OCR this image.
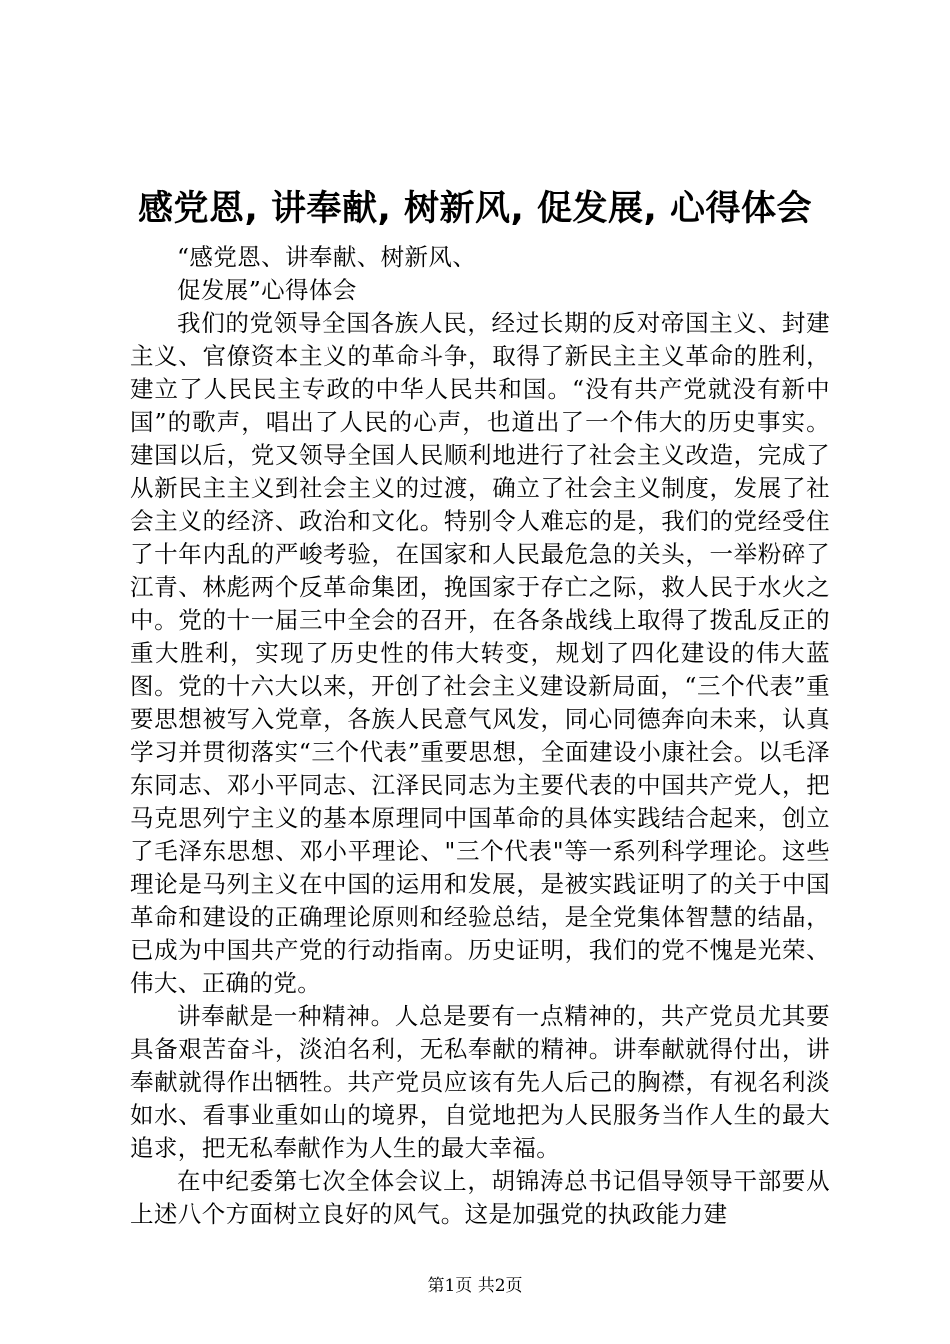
感党恩, 讲奉献, 树新风, 促发展, 心得体会
“感党恩、讲奉献、树新风、
促发展”心得体会

我们的党领导全国各族人民，经过长期的反对帝国主义、封建主义、官僚资本主义的革命斗争，取得了新民主主义革命的胜利，建立了人民民主专政的中华人民共和国。“没有共产党就没有新中国”的歌声，唱出了人民的心声，也道出了一个伟大的历史事实。建国以后，党又领导全国人民顺利地进行了社会主义改造，完成了从新民主主义到社会主义的过渡，确立了社会主义制度，发展了社会主义的经济、政治和文化。特别令人难忘的是，我们的党经受住了十年内乱的严峻考验，在国家和人民最危急的关头，一举粉碎了江青、林彪两个反革命集团，挽国家于存亡之际，救人民于水火之中。党的十一届三中全会的召开，在各条战线上取得了拨乱反正的重大胜利，实现了历史性的伟大转变，规划了四化建设的伟大蓝图。党的十六大以来，开创了社会主义建设新局面，“三个代表”重要思想被写入党章，各族人民意气风发，同心同德奔向未来，认真学习并贯彻落实“三个代表”重要思想，全面建设小康社会。以毛泽东同志、邓小平同志、江泽民同志为主要代表的中国共产党人，把马克思列宁主义的基本原理同中国革命的具体实践结合起来，创立了毛泽东思想、邓小平理论、"三个代表"等一系列科学理论。这些理论是马列主义在中国的运用和发展，是被实践证明了的关于中国革命和建设的正确理论原则和经验总结，是全党集体智慧的结晶，已成为中国共产党的行动指南。历史证明，我们的党不愧是光荣、伟大、正确的党。

讲奉献是一种精神。人总是要有一点精神的，共产党员尤其要具备艰苦奋斗，淡泊名利，无私奉献的精神。讲奉献就得付出，讲奉献就得作出牺牲。共产党员应该有先人后己的胸襟，有视名利淡如水、看事业重如山的境界，自觉地把为人民服务当作人生的最大追求，把无私奉献作为人生的最大幸福。

在中纪委第七次全体会议上，胡锦涛总书记倡导领导干部要从上述八个方面树立良好的风气。这是加强党的执政能力建

第1页 共2页
